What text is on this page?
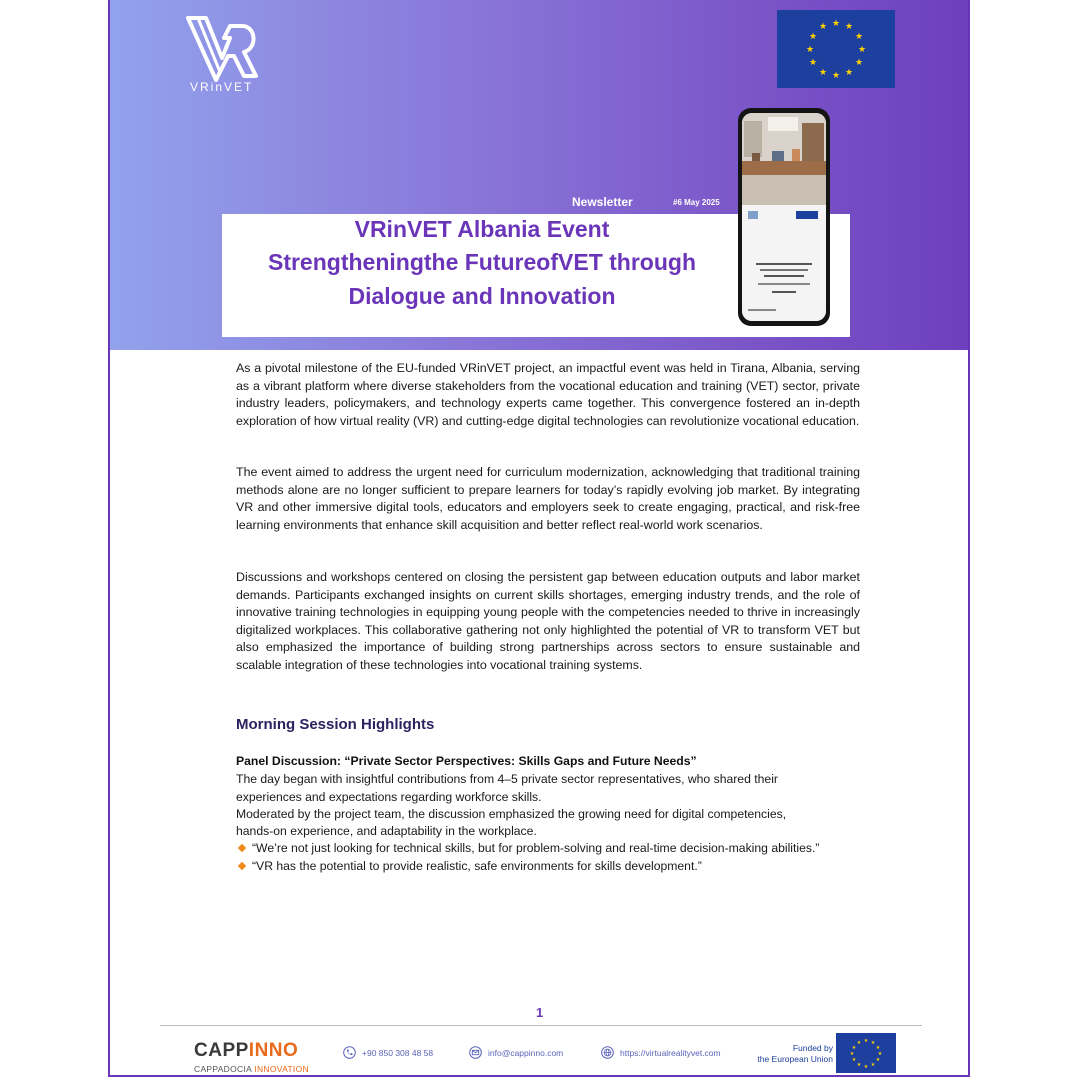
VRinVET
★ ★
★
★
★
★
★
★
★
★
★
★
Newsletter	#6 May 2025
VRinVET Albania Event
Strengtheningthe FutureofVET through
Dialogue and Innovation

As a pivotal milestone of the EU-funded VRinVET project, an impactful event was held in Tirana, Albania, serving as a vibrant platform where diverse stakeholders from the vocational education and training (VET) sector, private industry leaders, policymakers, and technology experts came together. This convergence fostered an in-depth exploration of how virtual reality (VR) and cutting-edge digital technologies can revolutionize vocational education.

The event aimed to address the urgent need for curriculum modernization, acknowledging that traditional training methods alone are no longer sufficient to prepare learners for today’s rapidly evolving job market. By integrating VR and other immersive digital tools, educators and employers seek to create engaging, practical, and risk-free learning environments that enhance skill acquisition and better reflect real-world work scenarios.

Discussions and workshops centered on closing the persistent gap between education outputs and labor market demands. Participants exchanged insights on current skills shortages, emerging industry trends, and the role of innovative training technologies in equipping young people with the competencies needed to thrive in increasingly digitalized workplaces. This collaborative gathering not only highlighted the potential of VR to transform VET but also emphasized the importance of building strong partnerships across sectors to ensure sustainable and scalable integration of these technologies into vocational training systems.

Morning Session Highlights
Panel Discussion: “Private Sector Perspectives: Skills Gaps and Future Needs”
The day began with insightful contributions from 4–5 private sector representatives, who shared their
experiences and expectations regarding workforce skills.
Moderated by the project team, the discussion emphasized the growing need for digital competencies,
hands-on experience, and adaptability in the workplace.
“We’re not just looking for technical skills, but for problem-solving and real-time decision-making abilities.”
“VR has the potential to provide realistic, safe environments for skills development.”
1
CAPPINNO
CAPPADOCIA INNOVATION
+90 850 308 48 58	info@cappinno.com	https://virtualrealityvet.com	Funded by
the European Union
★ ★
★
★
★
★
★
★
★
★
★
★
